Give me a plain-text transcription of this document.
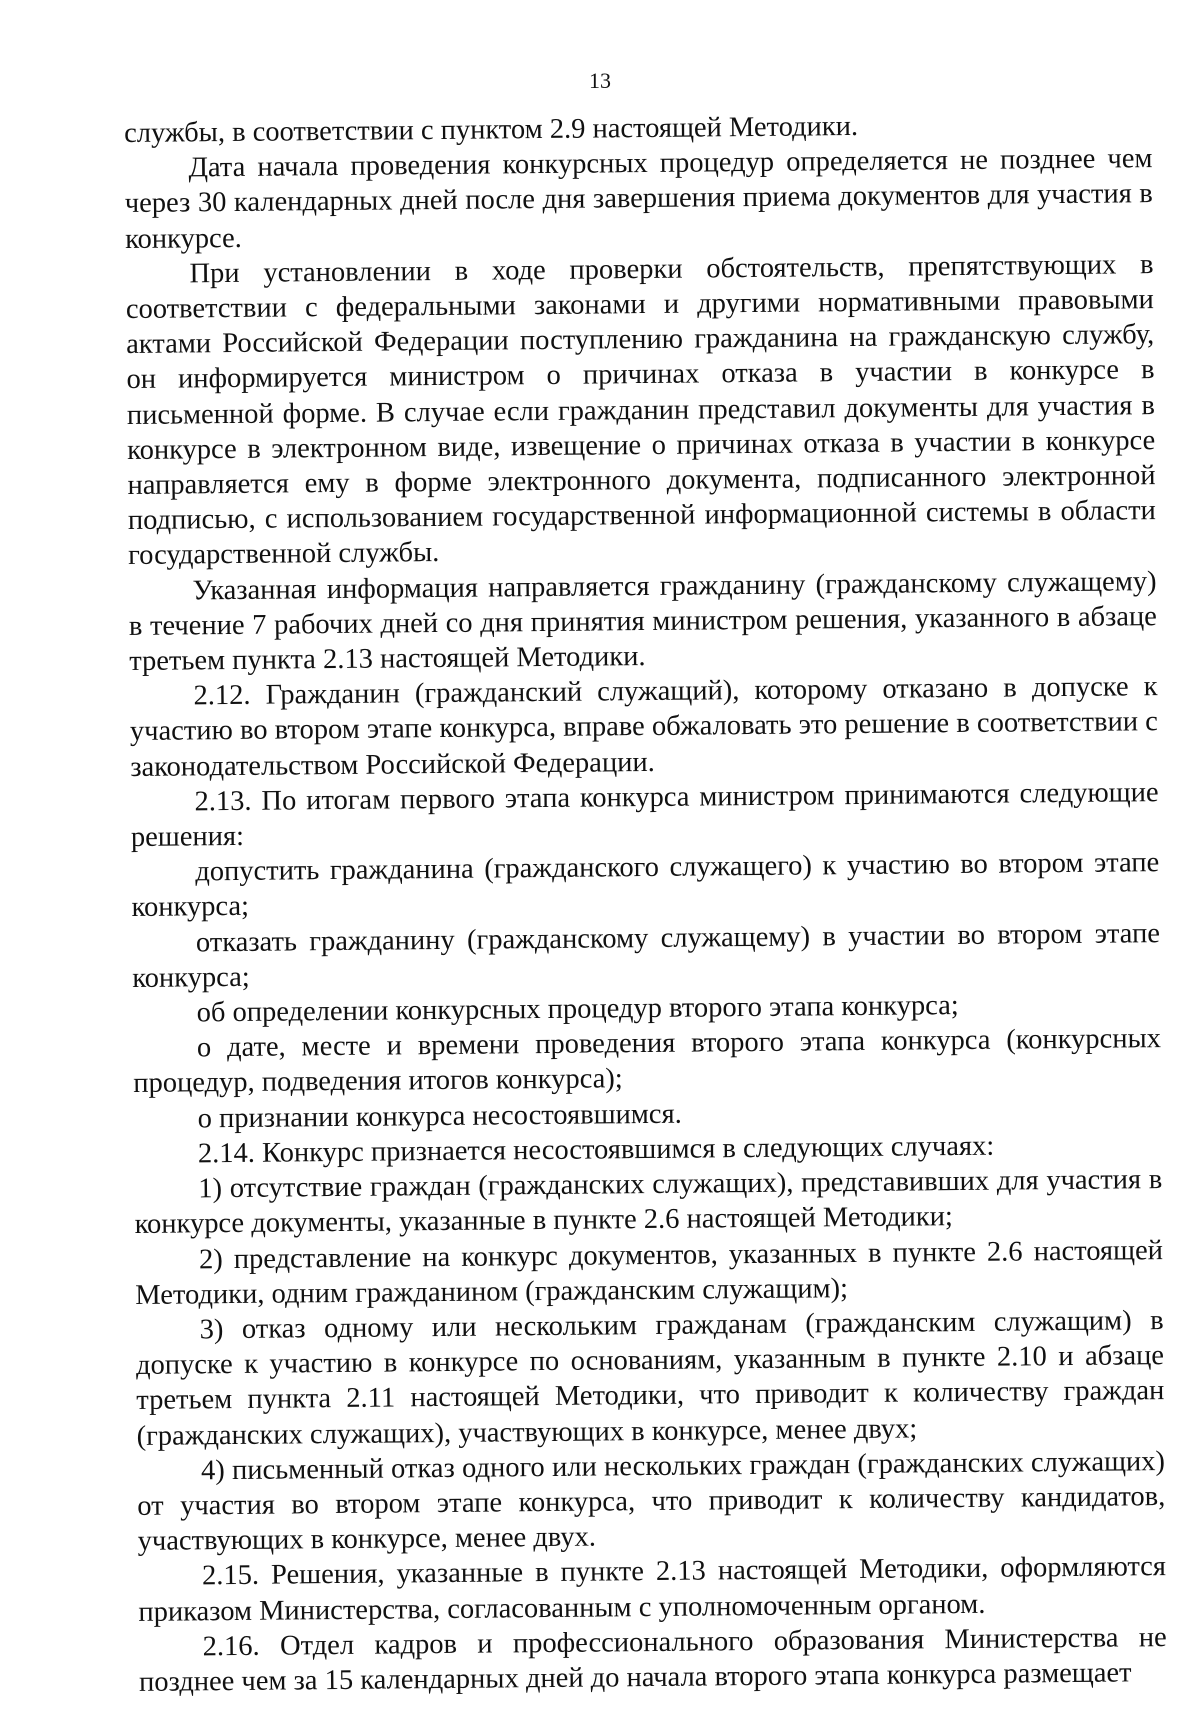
13

службы, в соответствии с пунктом 2.9 настоящей Методики.

Дата начала проведения конкурсных процедур определяется не позднее чем через 30 календарных дней после дня завершения приема документов для участия в конкурсе.

При установлении в ходе проверки обстоятельств, препятствующих в соответствии с федеральными законами и другими нормативными правовыми актами Российской Федерации поступлению гражданина на гражданскую службу, он информируется министром о причинах отказа в участии в конкурсе в письменной форме. В случае если гражданин представил документы для участия в конкурсе в электронном виде, извещение о причинах отказа в участии в конкурсе направляется ему в форме электронного документа, подписанного электронной подписью, с использованием государственной информационной системы в области государственной службы.

Указанная информация направляется гражданину (гражданскому служащему) в течение 7 рабочих дней со дня принятия министром решения, указанного в абзаце третьем пункта 2.13 настоящей Методики.

2.12. Гражданин (гражданский служащий), которому отказано в допуске к участию во втором этапе конкурса, вправе обжаловать это решение в соответствии с законодательством Российской Федерации.

2.13. По итогам первого этапа конкурса министром принимаются следующие решения:

допустить гражданина (гражданского служащего) к участию во втором этапе конкурса;

отказать гражданину (гражданскому служащему) в участии во втором этапе конкурса;

об определении конкурсных процедур второго этапа конкурса;

о дате, месте и времени проведения второго этапа конкурса (конкурсных процедур, подведения итогов конкурса);

о признании конкурса несостоявшимся.

2.14. Конкурс признается несостоявшимся в следующих случаях:

1) отсутствие граждан (гражданских служащих), представивших для участия в конкурсе документы, указанные в пункте 2.6 настоящей Методики;

2) представление на конкурс документов, указанных в пункте 2.6 настоящей Методики, одним гражданином (гражданским служащим);

3) отказ одному или нескольким гражданам (гражданским служащим) в допуске к участию в конкурсе по основаниям, указанным в пункте 2.10 и абзаце третьем пункта 2.11 настоящей Методики, что приводит к количеству граждан (гражданских служащих), участвующих в конкурсе, менее двух;

4) письменный отказ одного или нескольких граждан (гражданских служащих) от участия во втором этапе конкурса, что приводит к количеству кандидатов, участвующих в конкурсе, менее двух.

2.15. Решения, указанные в пункте 2.13 настоящей Методики, оформляются приказом Министерства, согласованным с уполномоченным органом.

2.16. Отдел кадров и профессионального образования Министерства не позднее чем за 15 календарных дней до начала второго этапа конкурса размещает
